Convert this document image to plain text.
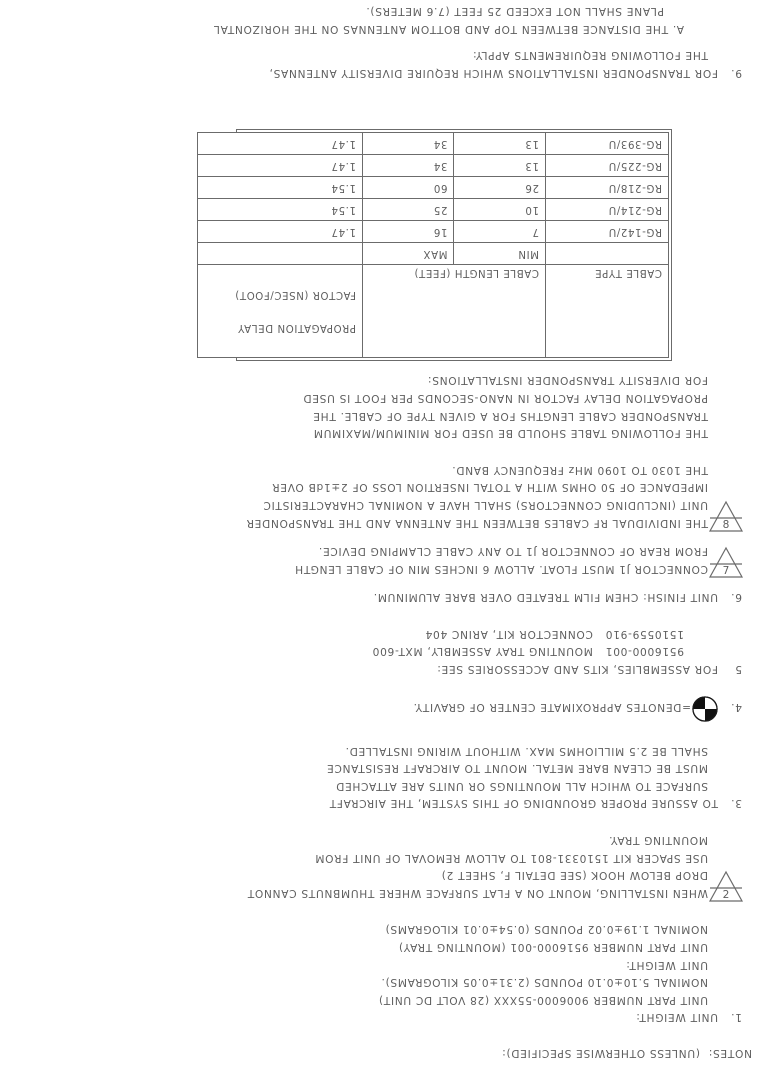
NOTES:  (UNLESS OTHERWISE SPECIFIED):
1.UNIT WEIGHT:
UNIT PART NUMBER 9006000-55XXX (28 VOLT DC UNIT)
NOMINAL 5.10±0.10 POUNDS (2.31±0.05 KILOGRAMS).
UNIT WEIGHT:
UNIT PART NUMBER 9516000-001 (MOUNTING TRAY)
NOMINAL 1.19±0.02 POUNDS (0.54±0.01 KILOGRAMS)
2
WHEN INSTALLING, MOUNT ON A FLAT SURFACE WHERE THUMBNUTS CANNOT
DROP BELOW HOOK (SEE DETAIL F, SHEET 2)
USE SPACER KIT 1510331-801 TO ALLOW REMOVAL OF UNIT FROM
MOUNTING TRAY.
3.TO ASSURE PROPER GROUNDING OF THIS SYSTEM, THE AIRCRAFT
SURFACE TO WHICH ALL MOUNTINGS OR UNITS ARE ATTACHED
MUST BE CLEAN BARE METAL. MOUNT TO AIRCRAFT RESISTANCE
SHALL BE 2.5 MILLIOHMS MAX. WITHOUT WIRING INSTALLED.
4.=DENOTES APPROXIMATE CENTER OF GRAVITY.
5FOR ASSEMBLIES, KITS AND ACCESSORIES SEE:
9516000-001   MOUNTING TRAY ASSEMBLY, MXT-600
1510559-910   CONNECTOR KIT, ARINC 404
6.UNIT FINISH: CHEM FILM TREATED OVER BARE ALUMINUM.
7
CONNECTOR J1 MUST FLOAT. ALLOW 6 INCHES MIN OF CABLE LENGTH
FROM REAR OF CONNECTOR J1 TO ANY CABLE CLAMPING DEVICE.
8
THE INDIVIDUAL RF CABLES BETWEEN THE ANTENNA AND THE TRANSPONDER
UNIT (INCLUDING CONNECTORS) SHALL HAVE A NOMINAL CHARACTERISTIC
IMPEDANCE OF 50 OHMS WITH A TOTAL INSERTION LOSS OF 2±1dB OVER
THE 1030 TO 1090 MHz FREQUENCY BAND.
THE FOLLOWING TABLE SHOULD BE USED FOR MINIMUM/MAXIMUM
TRANSPONDER CABLE LENGTHS FOR A GIVEN TYPE OF CABLE. THE
PROPAGATION DELAY FACTOR IN NANO-SECONDS PER FOOT IS USED
FOR DIVERSITY TRANSPONDER INSTALLATIONS:
CABLE TYPE	CABLE LENGTH (FEET)		PROPAGATION DELAY

FACTOR (NSEC/FOOT)

	MIN	MAX	
RG-142/U	7	16	1.47
RG-214/U	10	25	1.54
RG-218/U	26	60	1.54
RG-225/U	13	34	1.47
RG-393/U	13	34	1.47
9.FOR TRANSPONDER INSTALLATIONS WHICH REQUIRE DIVERSITY ANTENNAS,
THE FOLLOWING REQUIREMENTS APPLY:
A. THE DISTANCE BETWEEN TOP AND BOTTOM ANTENNAS ON THE HORIZONTAL
PLANE SHALL NOT EXCEED 25 FEET (7.6 METERS).
